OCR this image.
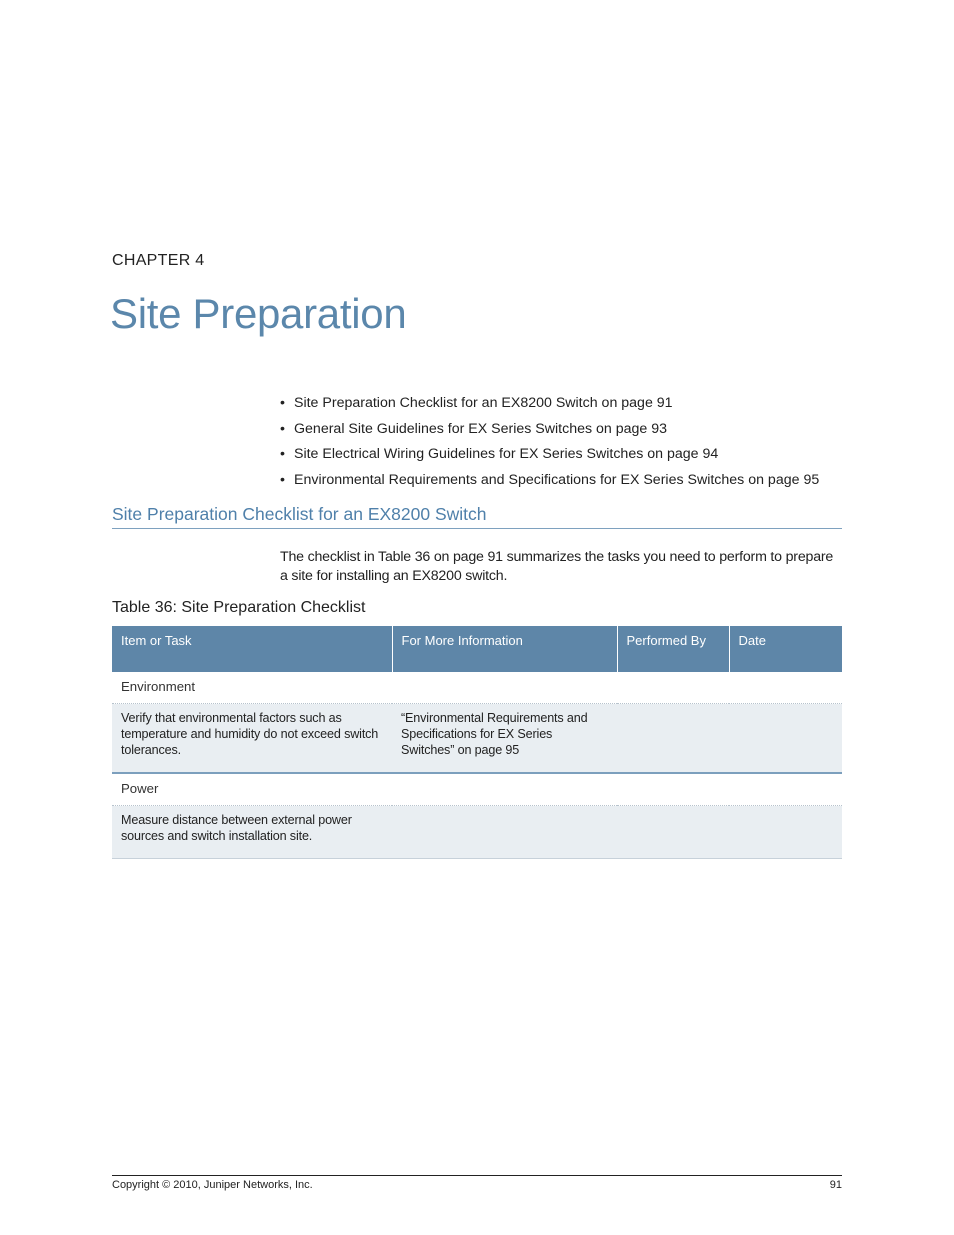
CHAPTER 4
Site Preparation
• Site Preparation Checklist for an EX8200 Switch on page 91
• General Site Guidelines for EX Series Switches on page 93
• Site Electrical Wiring Guidelines for EX Series Switches on page 94
• Environmental Requirements and Specifications for EX Series Switches on page 95
Site Preparation Checklist for an EX8200 Switch
The checklist in Table 36 on page 91 summarizes the tasks you need to perform to prepare a site for installing an EX8200 switch.
Table 36: Site Preparation Checklist
Item or Task	For More Information	Performed By	Date
Environment			
Verify that environmental factors such as temperature and humidity do not exceed switch tolerances.	“Environmental Requirements and Specifications for EX Series Switches” on page 95		
Power			
Measure distance between external power sources and switch installation site.			
Copyright © 2010, Juniper Networks, Inc.	91
